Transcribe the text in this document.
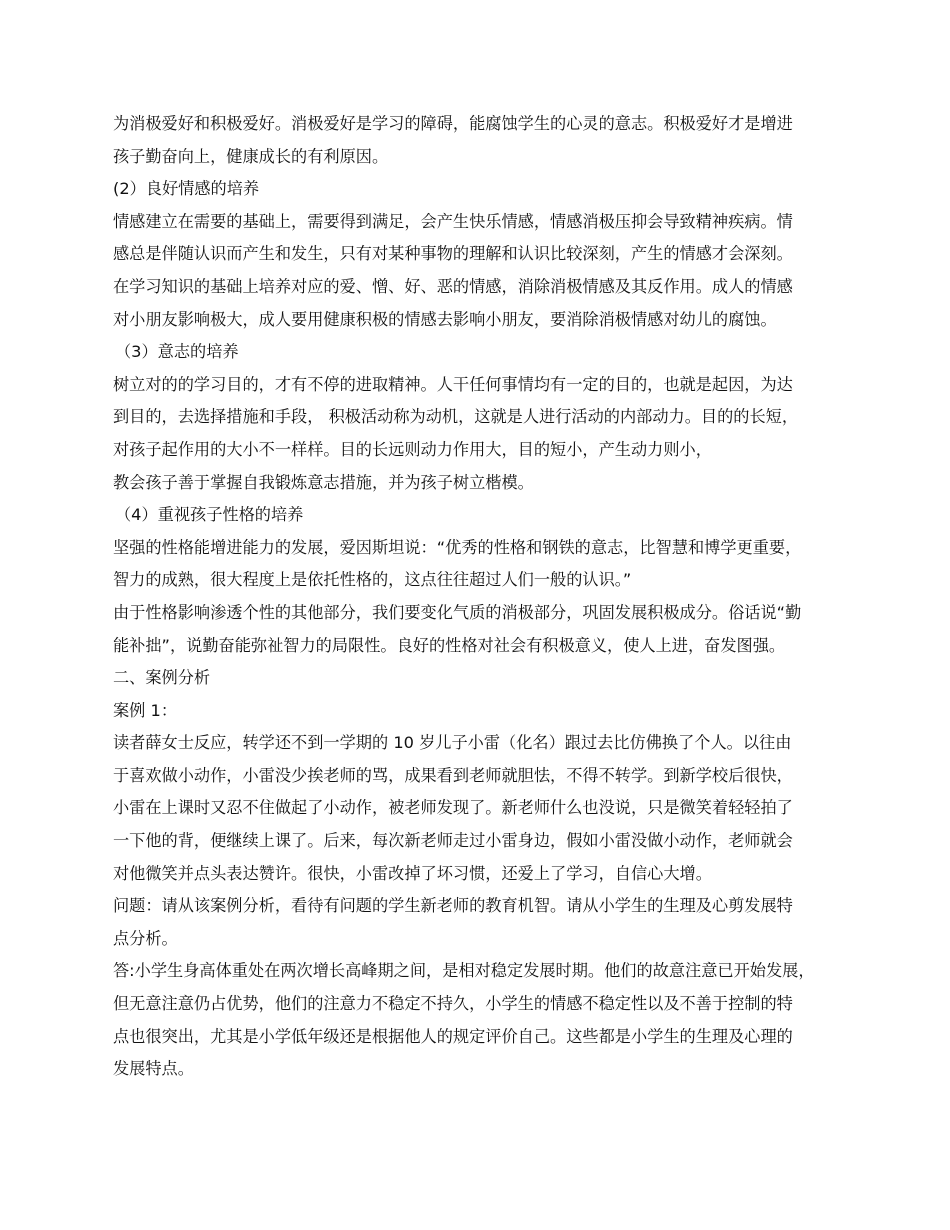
为消极爱好和积极爱好。消极爱好是学习的障碍，能腐蚀学生的心灵的意志。积极爱好才是增进
孩子勤奋向上，健康成长的有利原因。
(2）良好情感的培养
情感建立在需要的基础上，需要得到满足，会产生快乐情感，情感消极压抑会导致精神疾病。情
感总是伴随认识而产生和发生，只有对某种事物的理解和认识比较深刻，产生的情感才会深刻。
在学习知识的基础上培养对应的爱、憎、好、恶的情感，消除消极情感及其反作用。成人的情感
对小朋友影响极大，成人要用健康积极的情感去影响小朋友，要消除消极情感对幼儿的腐蚀。
（3）意志的培养
树立对的的学习目的，才有不停的进取精神。人干任何事情均有一定的目的，也就是起因，为达
到目的，去选择措施和手段， 积极活动称为动机，这就是人进行活动的内部动力。目的的长短，
对孩子起作用的大小不一样样。目的长远则动力作用大，目的短小，产生动力则小，
教会孩子善于掌握自我锻炼意志措施，并为孩子树立楷模。
（4）重视孩子性格的培养
坚强的性格能增进能力的发展，爱因斯坦说：“优秀的性格和钢铁的意志，比智慧和博学更重要，
智力的成熟，很大程度上是依托性格的，这点往往超过人们一般的认识。”
由于性格影响渗透个性的其他部分，我们要变化气质的消极部分，巩固发展积极成分。俗话说“勤
能补拙”，说勤奋能弥祉智力的局限性。良好的性格对社会有积极意义，使人上进，奋发图强。
二、案例分析
案例 1：
读者薛女士反应，转学还不到一学期的 10 岁儿子小雷（化名）跟过去比仿佛换了个人。以往由
于喜欢做小动作，小雷没少挨老师的骂，成果看到老师就胆怯，不得不转学。到新学校后很快，
小雷在上课时又忍不住做起了小动作，被老师发现了。新老师什么也没说，只是微笑着轻轻拍了
一下他的背，便继续上课了。后来，每次新老师走过小雷身边，假如小雷没做小动作，老师就会
对他微笑并点头表达赞许。很快，小雷改掉了坏习惯，还爱上了学习，自信心大增。
问题：请从该案例分析，看待有问题的学生新老师的教育机智。请从小学生的生理及心剪发展特
点分析。
答:小学生身高体重处在两次增长高峰期之间，是相对稳定发展时期。他们的故意注意已开始发展，
但无意注意仍占优势，他们的注意力不稳定不持久，小学生的情感不稳定性以及不善于控制的特
点也很突出，尤其是小学低年级还是根据他人的规定评价自己。这些都是小学生的生理及心理的
发展特点。
